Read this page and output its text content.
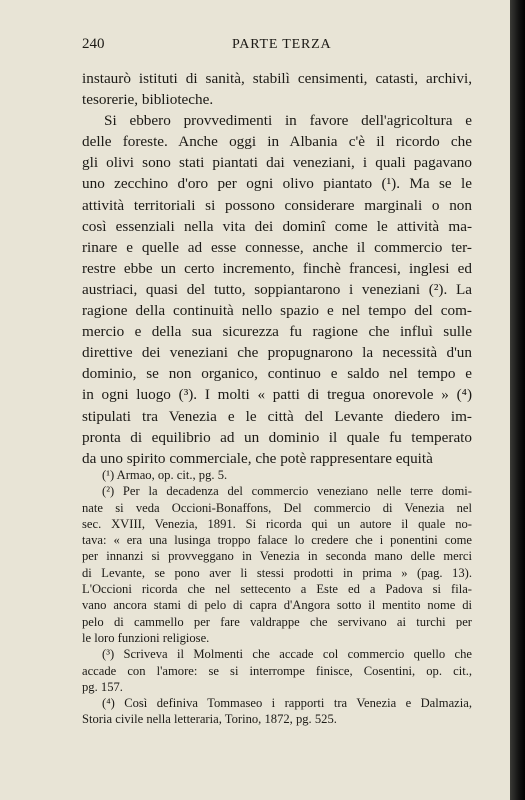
240	PARTE TERZA
instaurò istituti di sanità, stabilì censimenti, catasti, archivi,
tesorerie, biblioteche.
Si ebbero provvedimenti in favore dell'agricoltura e
delle foreste. Anche oggi in Albania c'è il ricordo che
gli olivi sono stati piantati dai veneziani, i quali pagavano
uno zecchino d'oro per ogni olivo piantato (¹). Ma se le
attività territoriali si possono considerare marginali o non
così essenziali nella vita dei dominî come le attività ma-
rinare e quelle ad esse connesse, anche il commercio ter-
restre ebbe un certo incremento, finchè francesi, inglesi ed
austriaci, quasi del tutto, soppiantarono i veneziani (²). La
ragione della continuità nello spazio e nel tempo del com-
mercio e della sua sicurezza fu ragione che influì sulle
direttive dei veneziani che propugnarono la necessità d'un
dominio, se non organico, continuo e saldo nel tempo e
in ogni luogo (³). I molti « patti di tregua onorevole » (⁴)
stipulati tra Venezia e le città del Levante diedero im-
pronta di equilibrio ad un dominio il quale fu temperato
da uno spirito commerciale, che potè rappresentare equità
(¹) Armao, op. cit., pg. 5.
(²) Per la decadenza del commercio veneziano nelle terre domi-
nate si veda Occioni-Bonaffons, Del commercio di Venezia nel
sec. XVIII, Venezia, 1891. Si ricorda qui un autore il quale no-
tava: « era una lusinga troppo falace lo credere che i ponentini come
per innanzi si provveggano in Venezia in seconda mano delle merci
di Levante, se pono aver li stessi prodotti in prima » (pag. 13).
L'Occioni ricorda che nel settecento a Este ed a Padova si fila-
vano ancora stami di pelo di capra d'Angora sotto il mentito nome di
pelo di cammello per fare valdrappe che servivano ai turchi per
le loro funzioni religiose.
(³) Scriveva il Molmenti che accade col commercio quello che
accade con l'amore: se si interrompe finisce, Cosentini, op. cit.,
pg. 157.
(⁴) Così definiva Tommaseo i rapporti tra Venezia e Dalmazia,
Storia civile nella letteraria, Torino, 1872, pg. 525.
